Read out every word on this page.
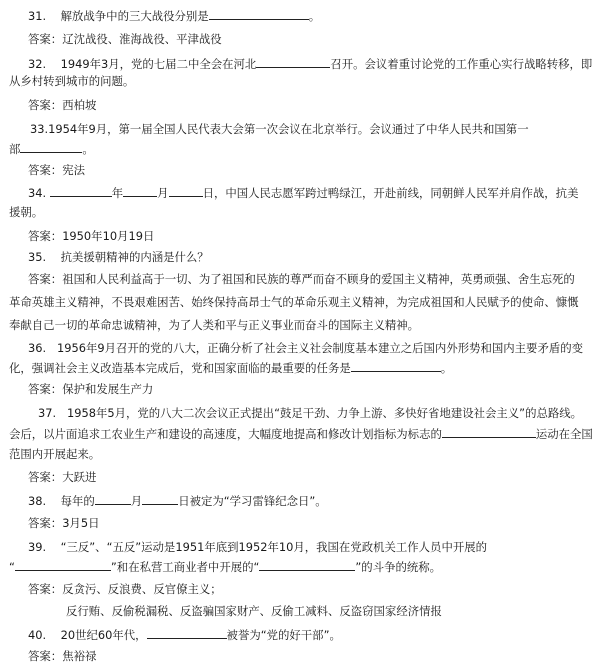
31. 解放战争中的三大战役分别是	。
答案：辽沈战役、淮海战役、平津战役
32.    1949年3月，党的七届二中全会在河北	召开。会议着重讨论党的工作重心实行战略转移，即
从乡村转到城市的问题。
答案：西柏坡
33.1954年9月，第一届全国人民代表大会第一次会议在北京举行。会议通过了中华人民共和国第一
部	。
答案：宪法
34.	年	月	日，中国人民志愿军跨过鸭绿江，开赴前线，同朝鲜人民军并肩作战，抗美
援朝。
答案：1950年10月19日
35. 抗美援朝精神的内涵是什么？
答案：祖国和人民利益高于一切、为了祖国和民族的尊严而奋不顾身的爱国主义精神，英勇顽强、舍生忘死的
革命英雄主义精神，不畏艰难困苦、始终保持高昂士气的革命乐观主义精神，为完成祖国和人民赋予的使命、慷慨
奉献自己一切的革命忠诚精神，为了人类和平与正义事业而奋斗的国际主义精神。
36.   1956年9月召开的党的八大，正确分析了社会主义社会制度基本建立之后国内外形势和国内主要矛盾的变
化，强调社会主义改造基本完成后，党和国家面临的最重要的任务是	。
答案：保护和发展生产力
37.   1958年5月，党的八大二次会议正式提出“鼓足干劲、力争上游、多快好省地建设社会主义”的总路线。
会后，以片面追求工农业生产和建设的高速度，大幅度地提高和修改计划指标为标志的	运动在全国
范围内开展起来。
答案：大跃进
38.    每年的	月	日被定为“学习雷锋纪念日”。
答案：3月5日
39.    “三反”、“五反”运动是1951年底到1952年10月，我国在党政机关工作人员中开展的
“	”和在私营工商业者中开展的“	”的斗争的统称。
答案：反贪污、反浪费、反官僚主义；
反行贿、反偷税漏税、反盗骗国家财产、反偷工减料、反盗窃国家经济情报
40.    20世纪60年代，	被誉为“党的好干部”。
答案：焦裕禄
